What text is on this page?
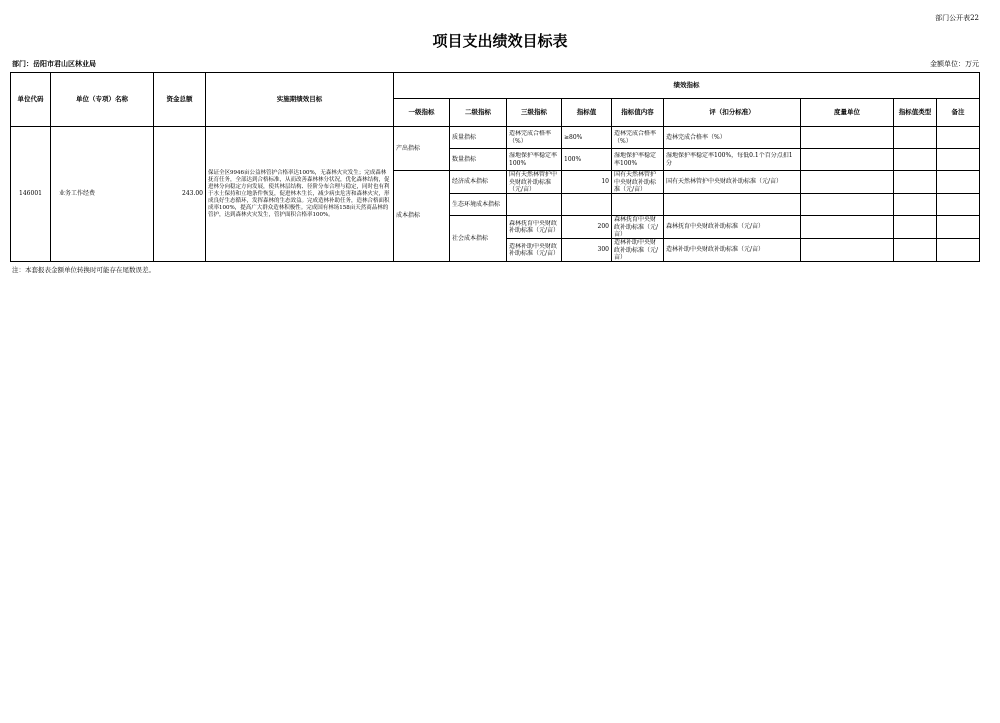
部门公开表22
项目支出绩效目标表
部门：岳阳市君山区林业局	金额单位：万元
单位代码	单位（专项）名称	资金总额	实施期绩效目标	绩效指标								
				一级指标	二级指标	三级指标	指标值	指标值内容	评（扣分标准）	度量单位	指标值类型	备注
146001	业务工作经费	243.00	保证全区9946亩公益林管护合格率达100%，无森林火灾发生；完成森林抚育任务，全部达到合格标准，从而改善森林林分状况，优化森林结构，促进林分向稳定方向发展，使其林层结构、径阶分布合理与稳定，同时也有利于水土保持和立地条件恢复，促进林木生长，减少病虫危害和森林火灾，形成良好生态循环，发挥森林的生态效益。完成造林补助任务，造林合格面积成率100%，提高广大群众造林积极性。完成国有林场158亩天然商品林的管护，达到森林火灾发生，管护面积合格率100%。	产出指标	质量指标	造林完成合格率（%）	≥80%	造林完成合格率（%）	造林完成合格率（%）			
					数量指标	湿地保护率稳定率100%	100%	湿地保护率稳定率100%	湿地保护率稳定率100%，每低0.1个百分点扣1分			

				成本指标	经济成本指标	国有天然林管护中央财政补助标准（元/亩）	10	国有天然林管护中央财政补助标准（元/亩）	国有天然林管护中央财政补助标准（元/亩）			
					生态环境成本指标							
					社会成本指标	森林抚育中央财政补助标准（元/亩）	200	森林抚育中央财政补助标准（元/亩）	森林抚育中央财政补助标准（元/亩）			

						造林补助中央财政补助标准（元/亩）	300	造林补助中央财政补助标准（元/亩）	造林补助中央财政补助标准（元/亩）			
注：本套报表金额单位转换时可能存在尾数误差。
